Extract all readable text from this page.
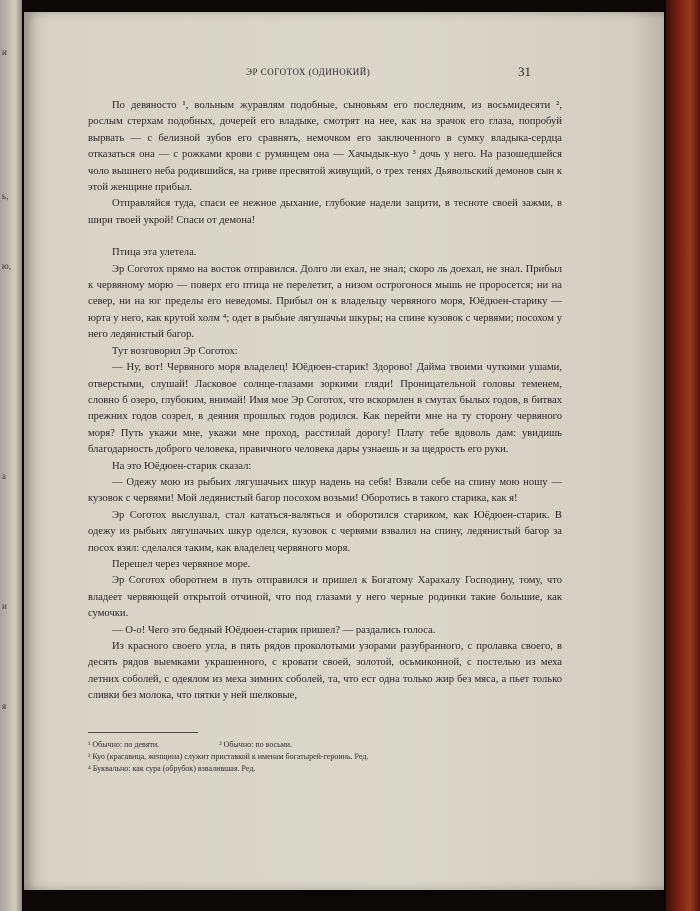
и
ь,
ю,
а
и
я
ЭР СОГОТОХ (ОДИНОКИЙ)	31

По девяносто ¹, вольным журавлям подобные, сыновьям его последним, из восьмидесяти ², рослым стерхам подобных, дочерей его владыке, смотрят на нее, как на зрачок его глаза, попробуй вырвать — с белизной зубов его сравнять, немочком его заключенного в сумку владыка-сердца отказаться она — с рожками крови с румянцем она — Хачыдык-куо ³ дочь у него. На разошедшейся чоло вышнего неба родившийся, на гриве пресвятой живущий, о трех тенях Дьявольский демонов сын к этой женщине прибыл.

Отправляйся туда, спаси ее нежное дыхание, глубокие надели защити, в тесноте своей зажми, в шири твоей укрой! Спаси от демона!

Птица эта улетела.

Эр Соготох прямо на восток отправился. Долго ли ехал, не знал; скоро ль доехал, не знал. Прибыл к червяному морю — поверх его птица не перелетит, а низом острогонося мышь не проросется; ни на север, ни на юг пределы его неведомы. Прибыл он к владельцу червяного моря, Юёдюен-старику — юрта у него, как крутой холм ⁴; одет в рыбьие лягушачьи шкуры; на спине кузовок с червями; посохом у него ледянистый багор.

Тут возговорил Эр Соготох:

— Ну, вот! Червяного моря владелец! Юёдюен-старик! Здорово! Дайма твоими чуткими ушами, отверстыми, слушай! Ласковое солнце-глазами зоркими гляди! Проницательной головы теменем, словно б озеро, глубоким, внимай! Имя мое Эр Соготох, что вскормлен в смутах былых годов, в битвах прежних годов созрел, в деяния прошлых годов родился. Как перейти мне на ту сторону червяного моря? Путь укажи мне, укажи мне проход, расстилай дорогу! Плату тебе вдоволь дам: увидишь благодарность доброго человека, правичного человека дары узнаешь и за щедрость его руки.

На это Юёдюен-старик сказал:

— Одежу мою из рыбьих лягушачьих шкур надень на себя! Взвали себе на спину мою ношу — кузовок с червями! Мой ледянистый багор посохом возьми! Оборотись в такого старика, как я!

Эр Соготох выслушал, стал кататься-валяться и оборотился стариком, как Юёдюен-старик. В одежу из рыбьих лягушачьих шкур оделся, кузовок с червями взвалил на спину, ледянистый багор за посох взял: сделался таким, как владелец червяного моря.

Перешел через червяное море.

Эр Соготох оборотнем в путь отправился и пришел к Богатому Харахалу Господину, тому, что владеет червяющей открытой отчиной, что под глазами у него черные родинки такие большие, как сумочки.

— О-о! Чего это бедный Юёдюен-старик пришел? — раздались голоса.

Из красного своего угла, в пять рядов проколотыми узорами разубранного, с пролавка своего, в десять рядов выемками украшенного, с кровати своей, золотой, осьмиконной, с постелью из меха летних соболей, с одеялом из меха зимних соболей, та, что ест одна только жир без мяса, а пьет только сливки без молока, что пятки у ней шелковые,

¹ Обычно: по девяти.	² Обычно: по восьми.

³ Куо (красавица, женщина) служит приставкой к именам богатырей-героинь. Ред.

⁴ Буквально: как сура (обрубок) взвалившая. Ред.
